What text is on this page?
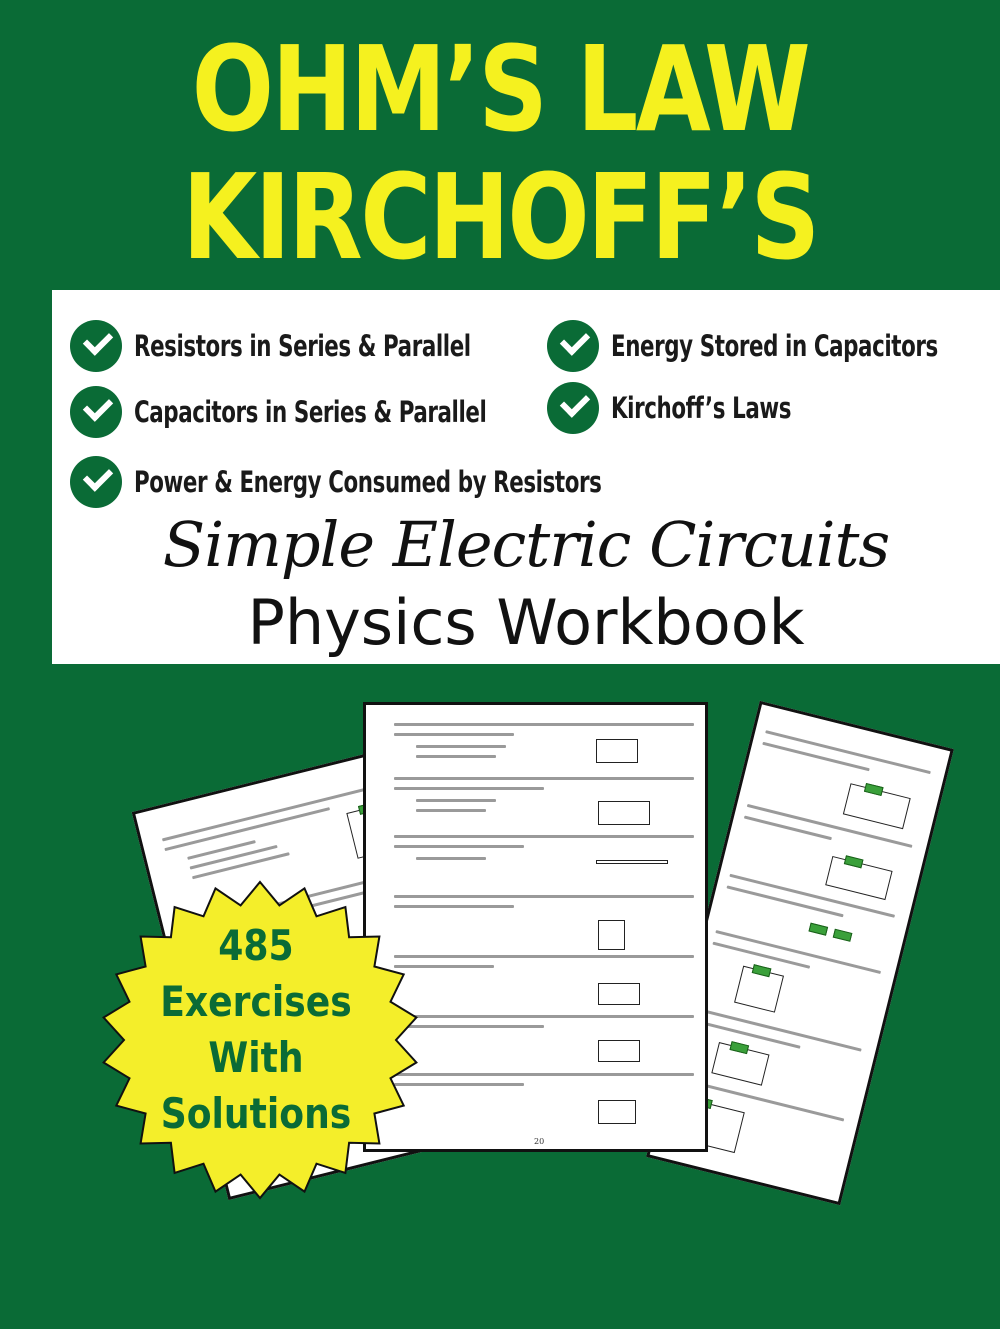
OHM’S LAW
KIRCHOFF’S
Resistors in Series & Parallel	Energy Stored in Capacitors
Capacitors in Series & Parallel	Kirchoff’s Laws
Power & Energy Consumed by Resistors
Simple Electric Circuits
Physics Workbook
20
485
Exercises
With
Solutions
